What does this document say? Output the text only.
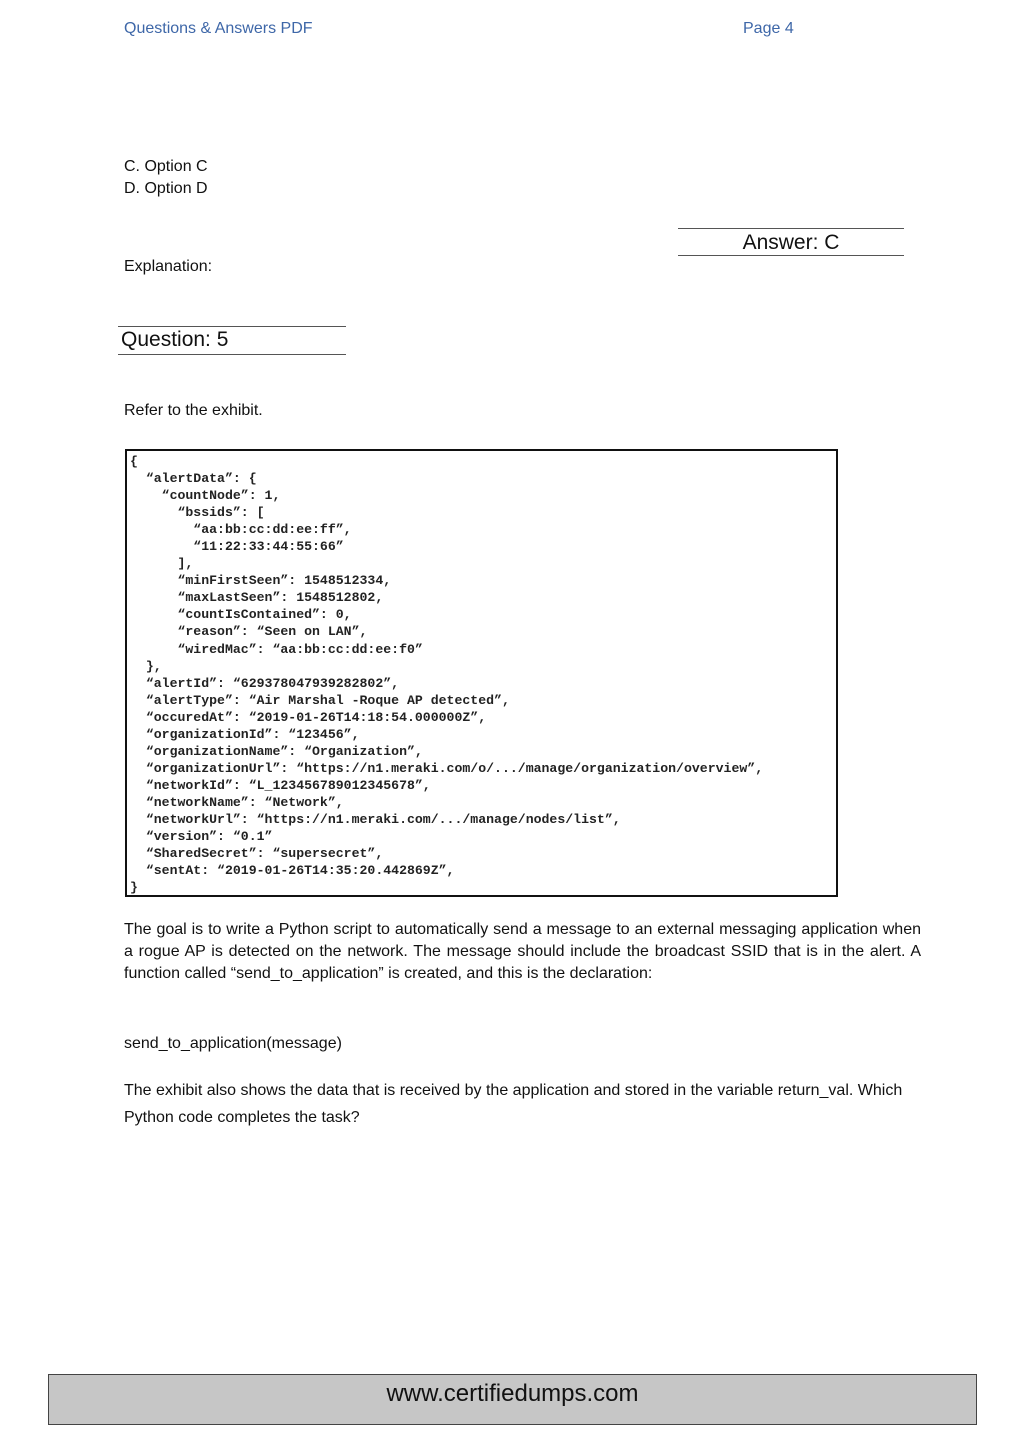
Questions & Answers PDF	Page 4
C. Option C
D. Option D
Answer: C
Explanation:
Question: 5
Refer to the exhibit.
{
“alertData”: {
“countNode”: 1,
“bssids”: [
“aa:bb:cc:dd:ee:ff”,
“11:22:33:44:55:66”
],
“minFirstSeen”: 1548512334,
“maxLastSeen”: 1548512802,
“countIsContained”: 0,
“reason”: “Seen on LAN”,
“wiredMac”: “aa:bb:cc:dd:ee:f0”
},
“alertId”: “629378047939282802”,
“alertType”: “Air Marshal -Roque AP detected”,
“occuredAt”: “2019-01-26T14:18:54.000000Z”,
“organizationId”: “123456”,
“organizationName”: “Organization”,
“organizationUrl”: “https://n1.meraki.com/o/.../manage/organization/overview”,
“networkId”: “L_123456789012345678”,
“networkName”: “Network”,
“networkUrl”: “https://n1.meraki.com/.../manage/nodes/list”,
“version”: “0.1”
“SharedSecret”: “supersecret”,
“sentAt: “2019-01-26T14:35:20.442869Z”,
}
The goal is to write a Python script to automatically send a message to an external messaging application when a rogue AP is detected on the network. The message should include the broadcast SSID that is in the alert. A function called “send_to_application” is created, and this is the declaration:
send_to_application(message)
The exhibit also shows the data that is received by the application and stored in the variable return_val. Which Python code completes the task?
www.certifiedumps.com
